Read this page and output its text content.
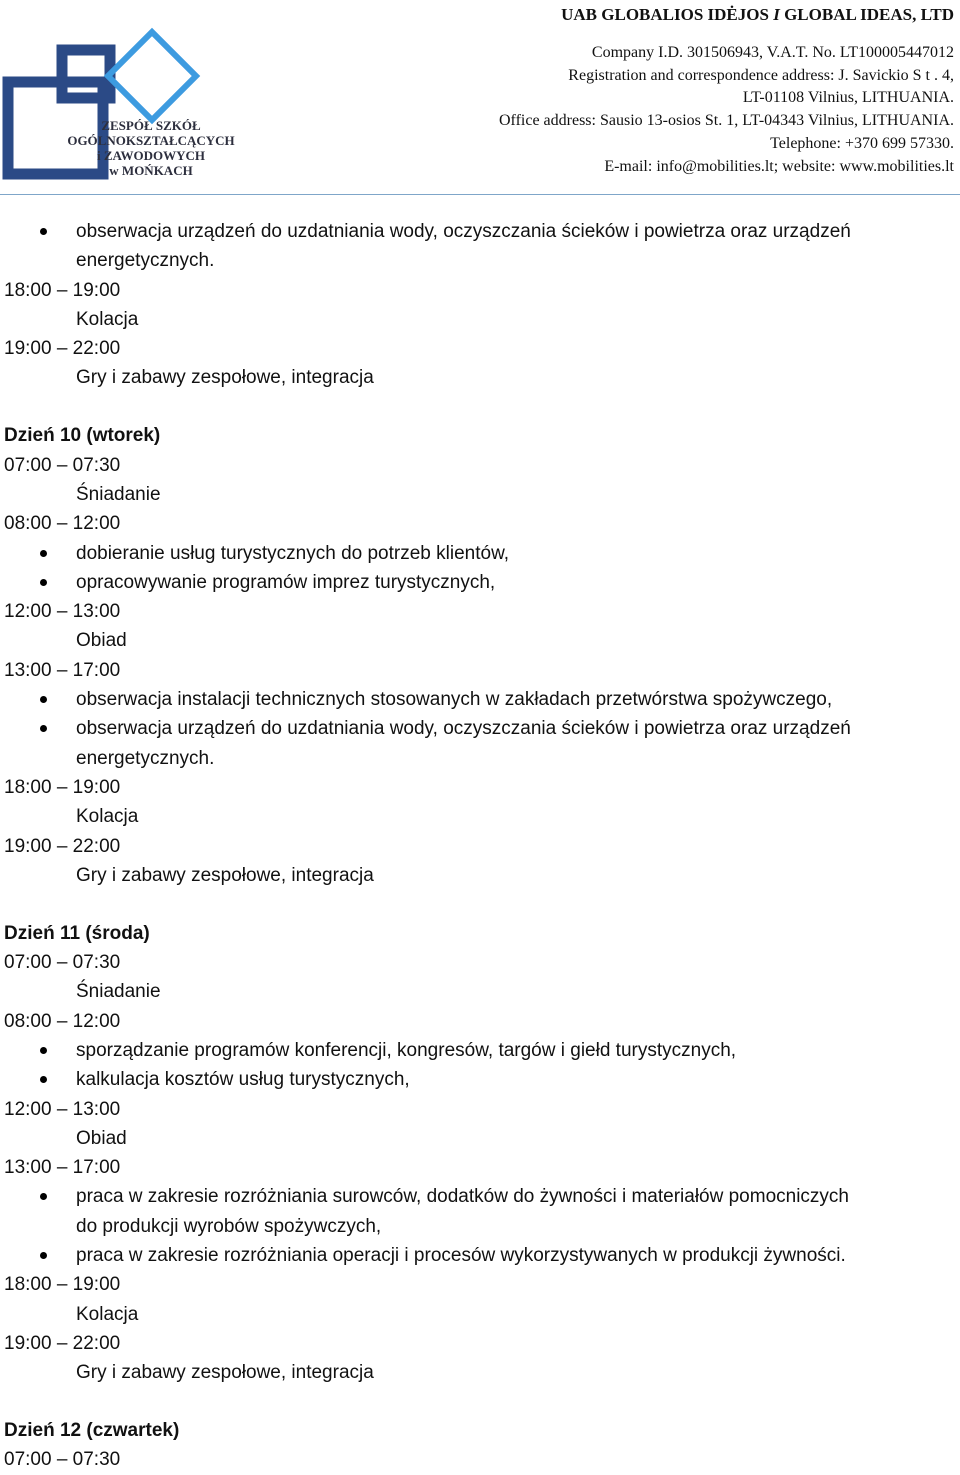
ZESPÓŁ SZKÓŁ
OGÓLNOKSZTAŁCĄCYCH
i ZAWODOWYCH
w MOŃKACH
UAB GLOBALIOS IDĖJOS I GLOBAL IDEAS, LTD
Company I.D. 301506943, V.A.T. No. LT100005447012
Registration and correspondence address: J. Savickio S t . 4,
LT-01108 Vilnius, LITHUANIA.
Office address: Sausio 13-osios St. 1, LT-04343 Vilnius, LITHUANIA.
Telephone: +370 699 57330.
E-mail: info@mobilities.lt; website: www.mobilities.lt
obserwacja urządzeń do uzdatniania wody, oczyszczania ścieków i powietrza oraz urządzeń
energetycznych.
18:00 – 19:00
Kolacja
19:00 – 22:00
Gry i zabawy zespołowe, integracja
Dzień 10 (wtorek)
07:00 – 07:30
Śniadanie
08:00 – 12:00
dobieranie usług turystycznych do potrzeb klientów,
opracowywanie programów imprez turystycznych,
12:00 – 13:00
Obiad
13:00 – 17:00
obserwacja instalacji technicznych stosowanych w zakładach przetwórstwa spożywczego,
obserwacja urządzeń do uzdatniania wody, oczyszczania ścieków i powietrza oraz urządzeń
energetycznych.
18:00 – 19:00
Kolacja
19:00 – 22:00
Gry i zabawy zespołowe, integracja
Dzień 11 (środa)
07:00 – 07:30
Śniadanie
08:00 – 12:00
sporządzanie programów konferencji, kongresów, targów i giełd turystycznych,
kalkulacja kosztów usług turystycznych,
12:00 – 13:00
Obiad
13:00 – 17:00
praca w zakresie rozróżniania surowców, dodatków do żywności i materiałów pomocniczych
do produkcji wyrobów spożywczych,
praca w zakresie rozróżniania operacji i procesów wykorzystywanych w produkcji żywności.
18:00 – 19:00
Kolacja
19:00 – 22:00
Gry i zabawy zespołowe, integracja
Dzień 12 (czwartek)
07:00 – 07:30
